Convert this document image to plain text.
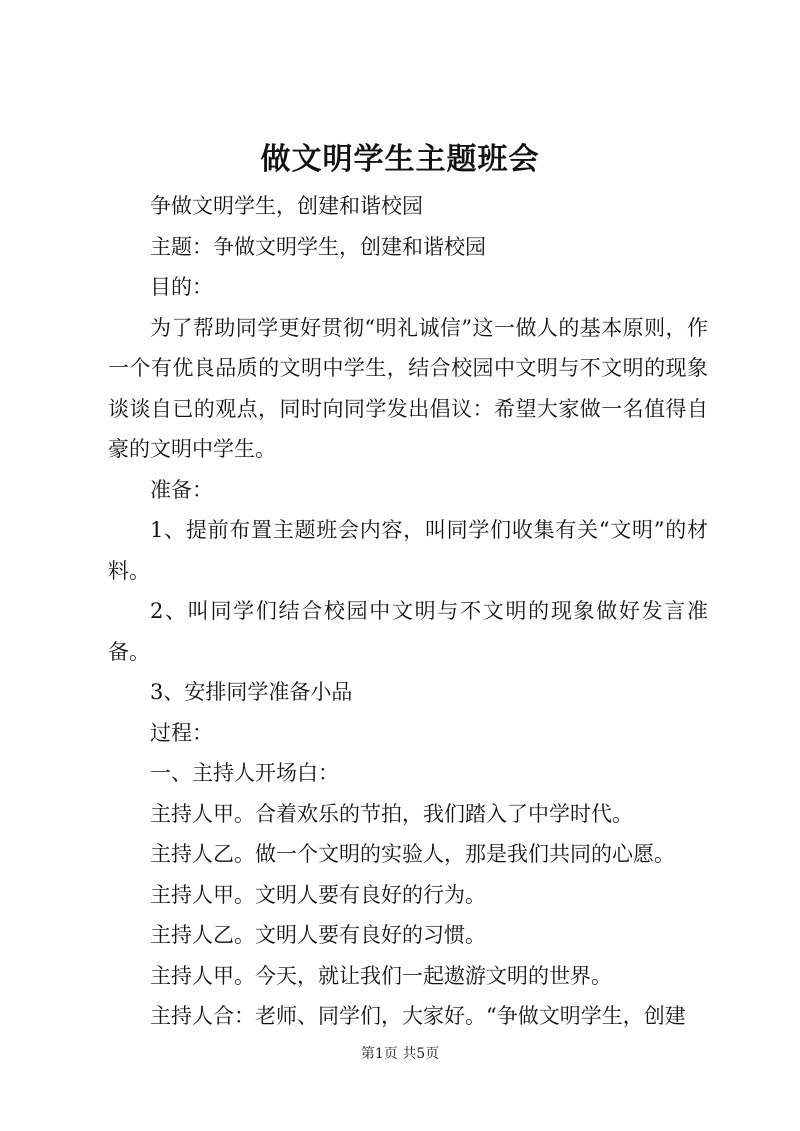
做文明学生主题班会

争做文明学生，创建和谐校园

主题：争做文明学生，创建和谐校园

目的：

为了帮助同学更好贯彻“明礼诚信”这一做人的基本原则，作一个有优良品质的文明中学生，结合校园中文明与不文明的现象谈谈自已的观点，同时向同学发出倡议：希望大家做一名值得自豪的文明中学生。

准备：

1、提前布置主题班会内容，叫同学们收集有关“文明”的材料。

2、叫同学们结合校园中文明与不文明的现象做好发言准备。

3、安排同学准备小品

过程：

一、主持人开场白：

主持人甲。合着欢乐的节拍，我们踏入了中学时代。

主持人乙。做一个文明的实验人，那是我们共同的心愿。

主持人甲。文明人要有良好的行为。

主持人乙。文明人要有良好的习惯。

主持人甲。今天，就让我们一起遨游文明的世界。

主持人合：老师、同学们，大家好。“争做文明学生，创建

第1页 共5页
